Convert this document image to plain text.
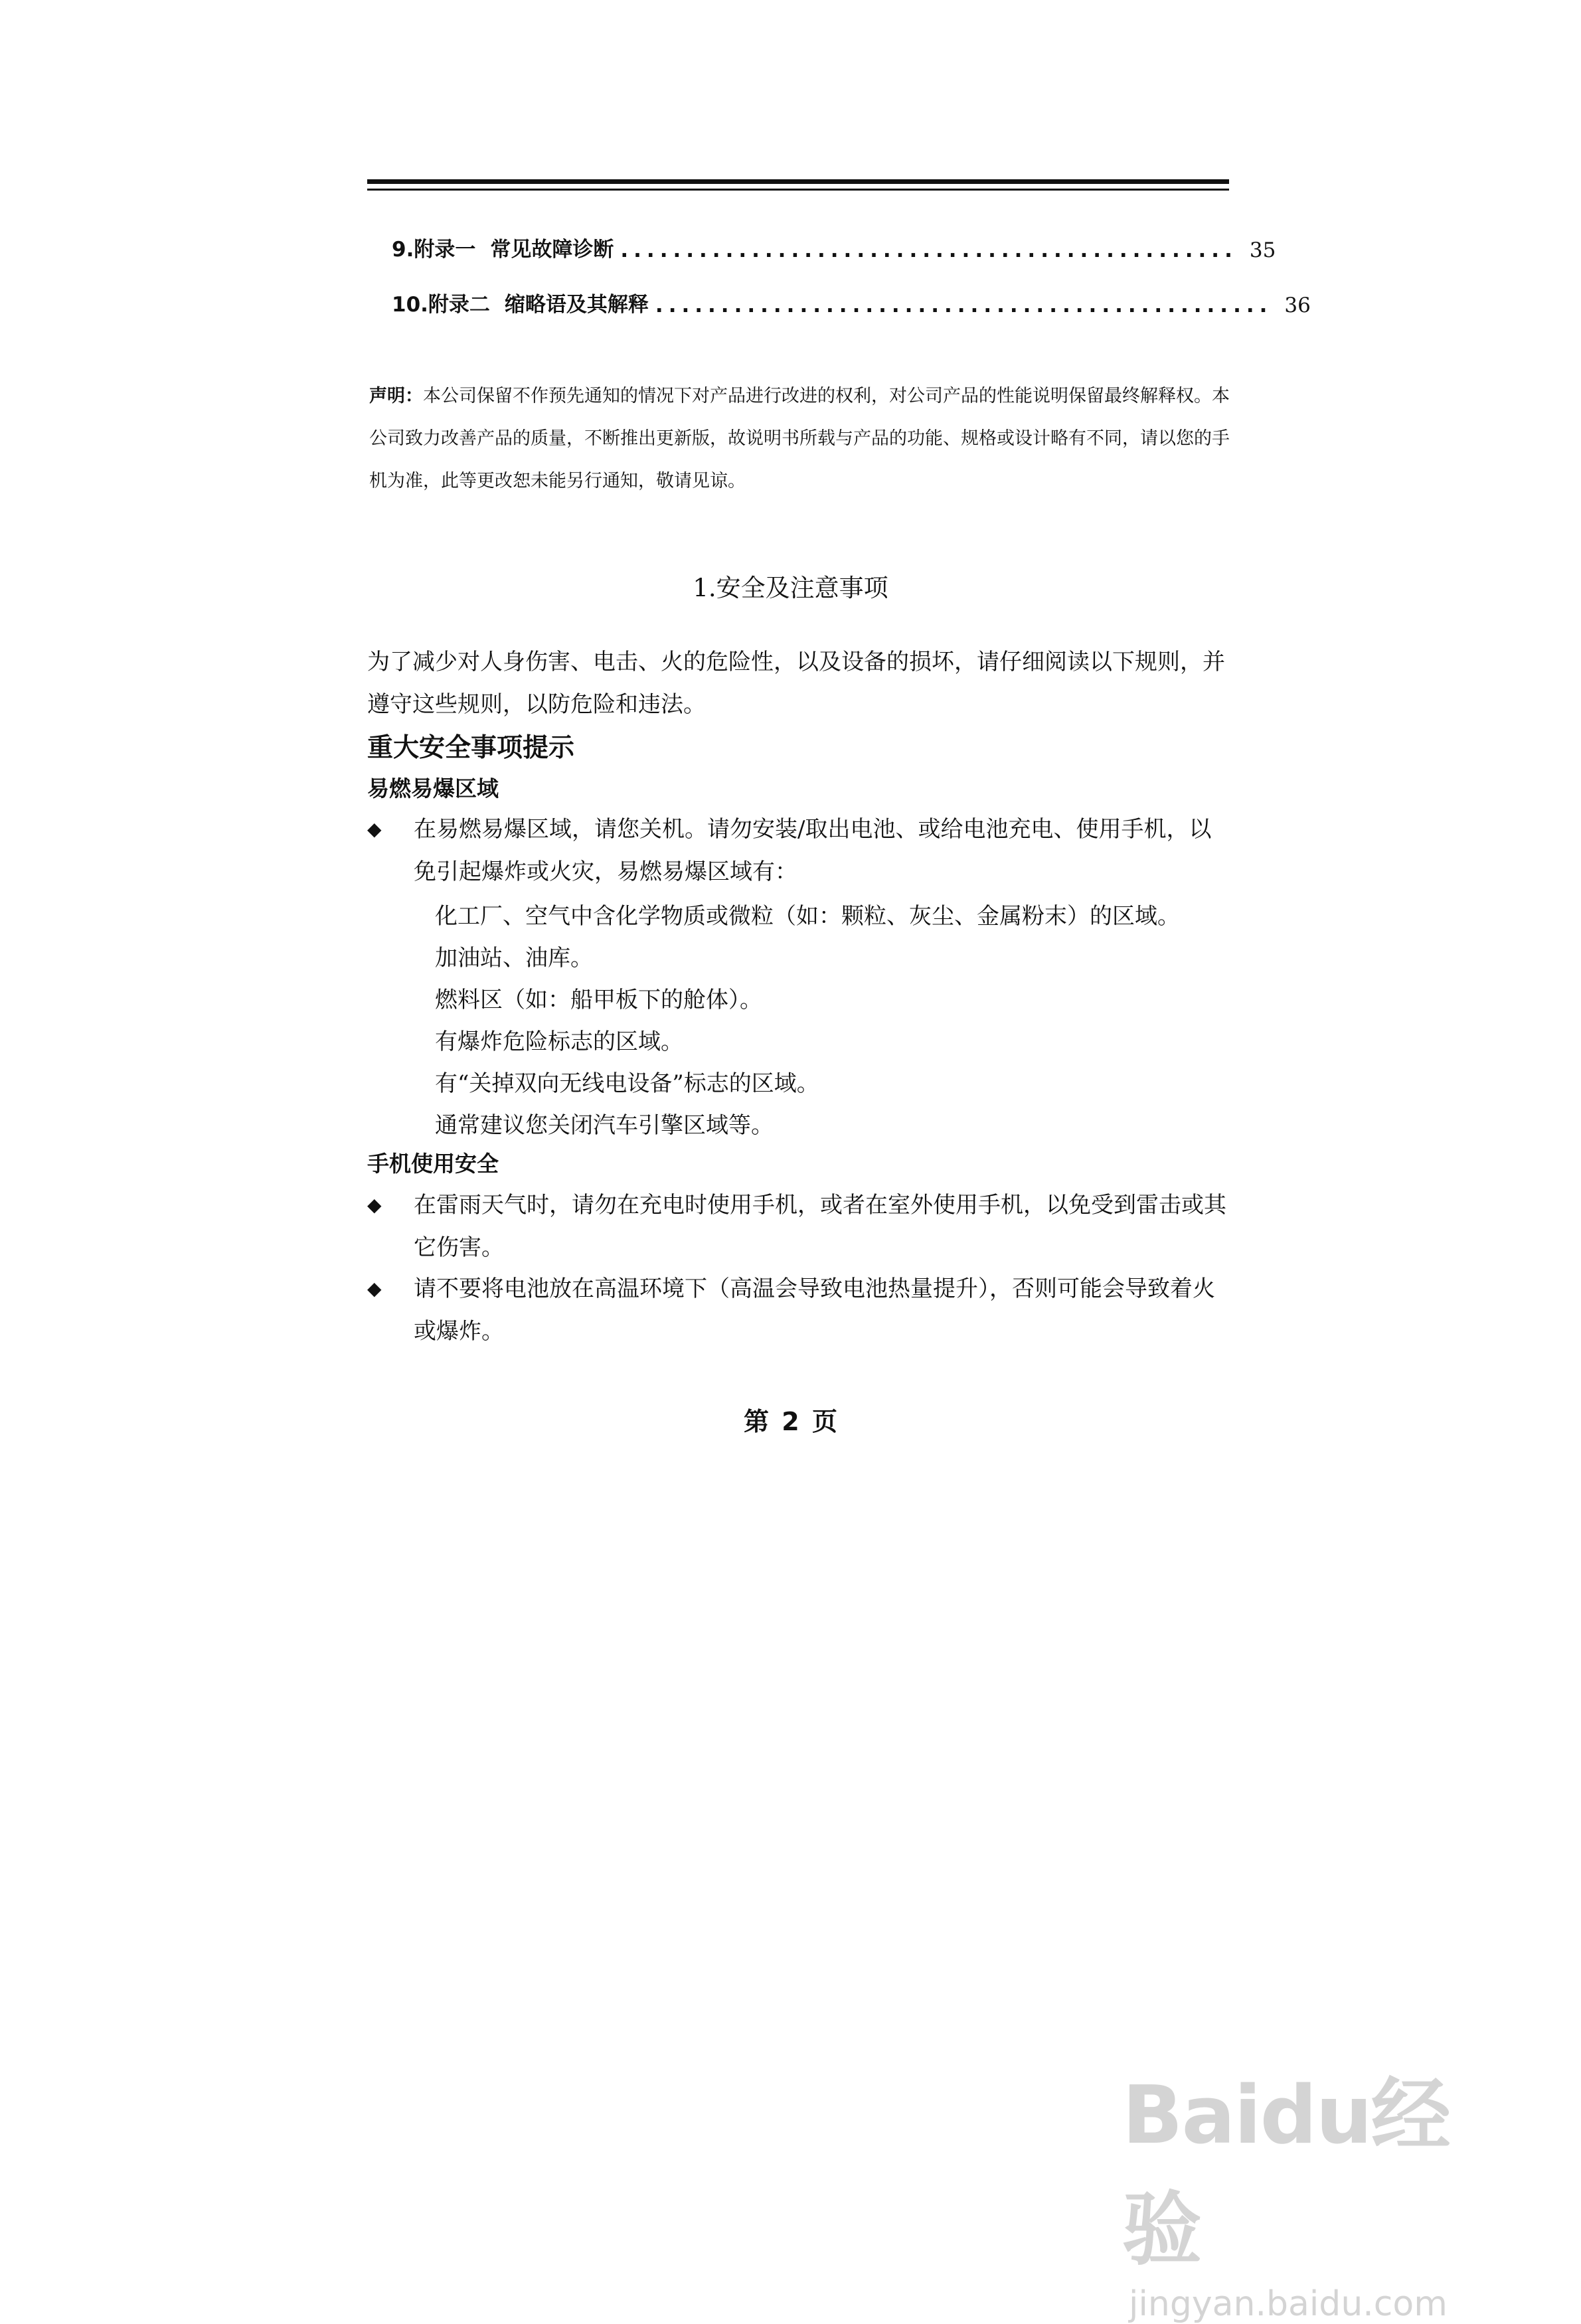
9.附录一 常见故障诊断 ............................................... 35
10.附录二 缩略语及其解释 ............................................... 36
声明：本公司保留不作预先通知的情况下对产品进行改进的权利，对公司产品的性能说明保留最终解释权。本公司致力改善产品的质量，不断推出更新版，故说明书所载与产品的功能、规格或设计略有不同，请以您的手机为准，此等更改恕未能另行通知，敬请见谅。
1.安全及注意事项
为了减少对人身伤害、电击、火的危险性，以及设备的损坏，请仔细阅读以下规则，并遵守这些规则，以防危险和违法。
重大安全事项提示
易燃易爆区域
◆ 在易燃易爆区域，请您关机。请勿安装/取出电池、或给电池充电、使用手机，以免引起爆炸或火灾，易燃易爆区域有：
化工厂、空气中含化学物质或微粒（如：颗粒、灰尘、金属粉末）的区域。
加油站、油库。
燃料区（如：船甲板下的舱体）。
有爆炸危险标志的区域。
有“关掉双向无线电设备”标志的区域。
通常建议您关闭汽车引擎区域等。
手机使用安全
◆ 在雷雨天气时，请勿在充电时使用手机，或者在室外使用手机，以免受到雷击或其它伤害。
◆ 请不要将电池放在高温环境下（高温会导致电池热量提升），否则可能会导致着火或爆炸。
第 2 页
Baidu经验
jingyan.baidu.com
